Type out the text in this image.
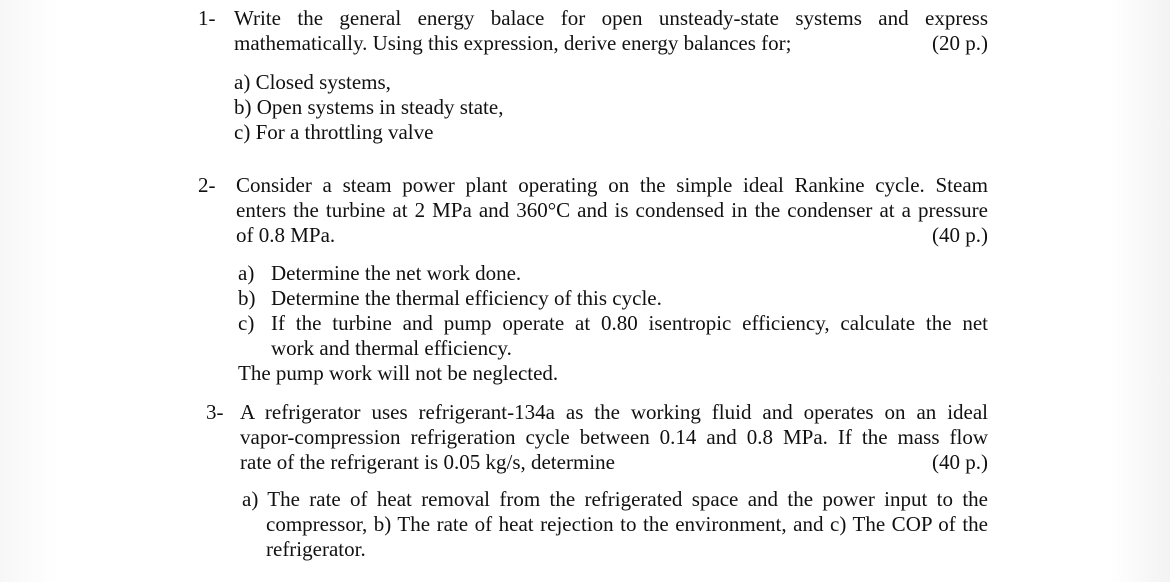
1- Write the general energy balace for open unsteady-state systems and express
mathematically. Using this expression, derive energy balances for;	(20 p.)
a) Closed systems,
b) Open systems in steady state,
c) For a throttling valve
2- Consider a steam power plant operating on the simple ideal Rankine cycle. Steam
enters the turbine at 2 MPa and 360°C and is condensed in the condenser at a pressure
of 0.8 MPa.	(40 p.)
a) Determine the net work done.
b) Determine the thermal efficiency of this cycle.
c) If the turbine and pump operate at 0.80 isentropic efficiency, calculate the net
work and thermal efficiency.
The pump work will not be neglected.
3- A refrigerator uses refrigerant-134a as the working fluid and operates on an ideal
vapor-compression refrigeration cycle between 0.14 and 0.8 MPa. If the mass flow
rate of the refrigerant is 0.05 kg/s, determine	(40 p.)
a) The rate of heat removal from the refrigerated space and the power input to the
compressor, b) The rate of heat rejection to the environment, and c) The COP of the
refrigerator.
